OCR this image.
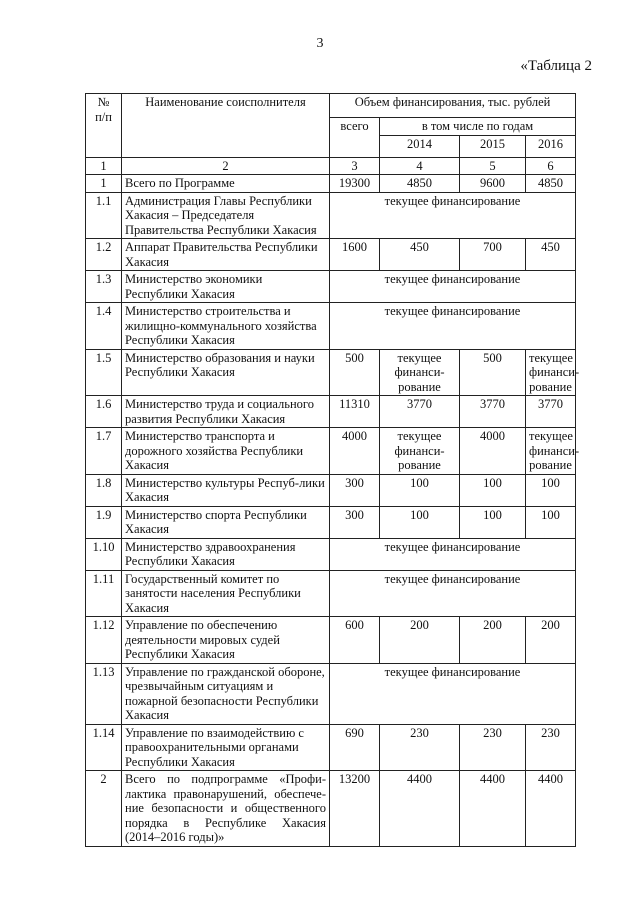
3
«Таблица 2
№
п/п	Наименование соисполнителя	Объем финансирования, тыс. рублей			
		всего	в том числе по годам		
			2014	2015	2016
1	2	3	4	5	6
1	Всего по Программе	19300	4850	9600	4850
1.1	Администрация Главы Республики Хакасия – Председателя Правительства Республики Хакасия	текущее финансирование			
1.2	Аппарат Правительства Республики Хакасия	1600	450	700	450
1.3	Министерство экономики Республики Хакасия	текущее финансирование			
1.4	Министерство строительства и жилищно-коммунального хозяйства Республики Хакасия	текущее финансирование			
1.5	Министерство образования и науки Республики Хакасия	500	текущее финанси-рование	500	текущее финанси-рование
1.6	Министерство труда и социального развития Республики Хакасия	11310	3770	3770	3770
1.7	Министерство транспорта и дорожного хозяйства Республики Хакасия	4000	текущее финанси-рование	4000	текущее финанси-рование
1.8	Министерство культуры Респуб-лики Хакасия	300	100	100	100
1.9	Министерство спорта Республики Хакасия	300	100	100	100
1.10	Министерство здравоохранения Республики Хакасия	текущее финансирование			
1.11	Государственный комитет по занятости населения Республики Хакасия	текущее финансирование			
1.12	Управление по обеспечению деятельности мировых судей Республики Хакасия	600	200	200	200
1.13	Управление по гражданской обороне, чрезвычайным ситуациям и пожарной безопасности Республики Хакасия	текущее финансирование			
1.14	Управление по взаимодействию с правоохранительными органами Республики Хакасия	690	230	230	230
2	Всего по подпрограмме «Профи-лактика правонарушений, обеспече-ние безопасности и общественного порядка в Республике Хакасия (2014–2016 годы)»	13200	4400	4400	4400
